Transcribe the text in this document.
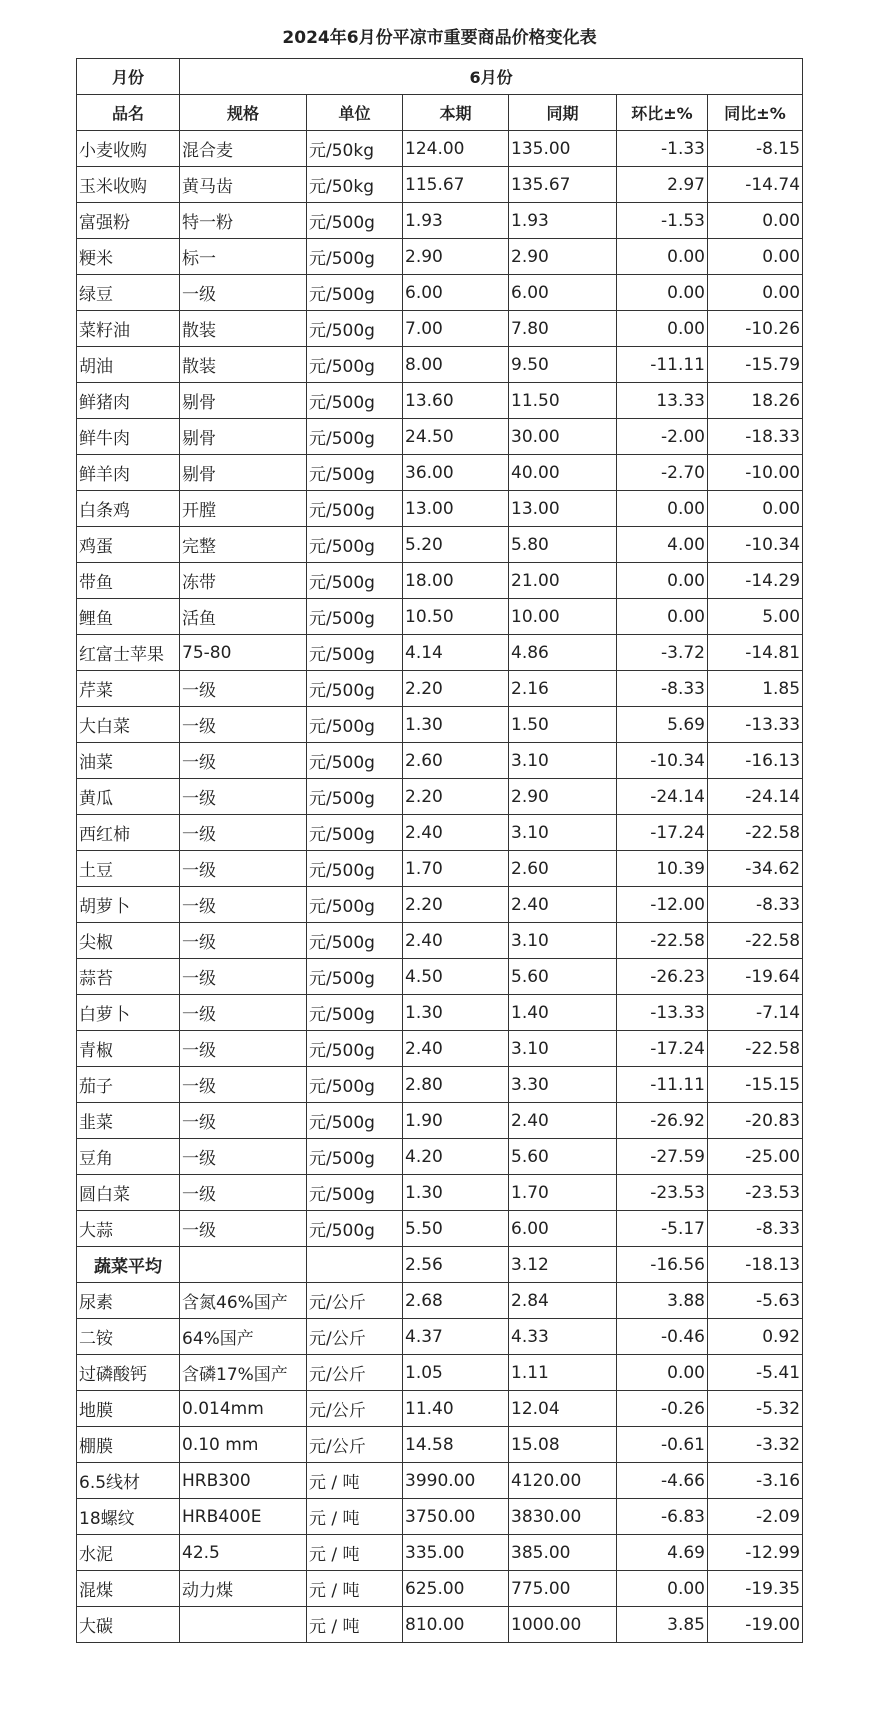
2024年6月份平凉市重要商品价格变化表
月份	6月份					
品名	规格	单位	本期	同期	环比±%	同比±%
小麦收购	混合麦	元/50kg	124.00	135.00	-1.33	-8.15
玉米收购	黄马齿	元/50kg	115.67	135.67	2.97	-14.74
富强粉	特一粉	元/500g	1.93	1.93	-1.53	0.00
粳米	标一	元/500g	2.90	2.90	0.00	0.00
绿豆	一级	元/500g	6.00	6.00	0.00	0.00
菜籽油	散装	元/500g	7.00	7.80	0.00	-10.26
胡油	散装	元/500g	8.00	9.50	-11.11	-15.79
鲜猪肉	剔骨	元/500g	13.60	11.50	13.33	18.26
鲜牛肉	剔骨	元/500g	24.50	30.00	-2.00	-18.33
鲜羊肉	剔骨	元/500g	36.00	40.00	-2.70	-10.00
白条鸡	开膛	元/500g	13.00	13.00	0.00	0.00
鸡蛋	完整	元/500g	5.20	5.80	4.00	-10.34
带鱼	冻带	元/500g	18.00	21.00	0.00	-14.29
鲤鱼	活鱼	元/500g	10.50	10.00	0.00	5.00
红富士苹果	75-80	元/500g	4.14	4.86	-3.72	-14.81
芹菜	一级	元/500g	2.20	2.16	-8.33	1.85
大白菜	一级	元/500g	1.30	1.50	5.69	-13.33
油菜	一级	元/500g	2.60	3.10	-10.34	-16.13
黄瓜	一级	元/500g	2.20	2.90	-24.14	-24.14
西红柿	一级	元/500g	2.40	3.10	-17.24	-22.58
土豆	一级	元/500g	1.70	2.60	10.39	-34.62
胡萝卜	一级	元/500g	2.20	2.40	-12.00	-8.33
尖椒	一级	元/500g	2.40	3.10	-22.58	-22.58
蒜苔	一级	元/500g	4.50	5.60	-26.23	-19.64
白萝卜	一级	元/500g	1.30	1.40	-13.33	-7.14
青椒	一级	元/500g	2.40	3.10	-17.24	-22.58
茄子	一级	元/500g	2.80	3.30	-11.11	-15.15
韭菜	一级	元/500g	1.90	2.40	-26.92	-20.83
豆角	一级	元/500g	4.20	5.60	-27.59	-25.00
圆白菜	一级	元/500g	1.30	1.70	-23.53	-23.53
大蒜	一级	元/500g	5.50	6.00	-5.17	-8.33
蔬菜平均			2.56	3.12	-16.56	-18.13
尿素	含氮46%国产	元/公斤	2.68	2.84	3.88	-5.63
二铵	64%国产	元/公斤	4.37	4.33	-0.46	0.92
过磷酸钙	含磷17%国产	元/公斤	1.05	1.11	0.00	-5.41
地膜	0.014mm	元/公斤	11.40	12.04	-0.26	-5.32
棚膜	0.10 mm	元/公斤	14.58	15.08	-0.61	-3.32
6.5线材	HRB300	元 / 吨	3990.00	4120.00	-4.66	-3.16
18螺纹	HRB400E	元 / 吨	3750.00	3830.00	-6.83	-2.09
水泥	42.5	元 / 吨	335.00	385.00	4.69	-12.99
混煤	动力煤	元 / 吨	625.00	775.00	0.00	-19.35
大碳		元 / 吨	810.00	1000.00	3.85	-19.00
